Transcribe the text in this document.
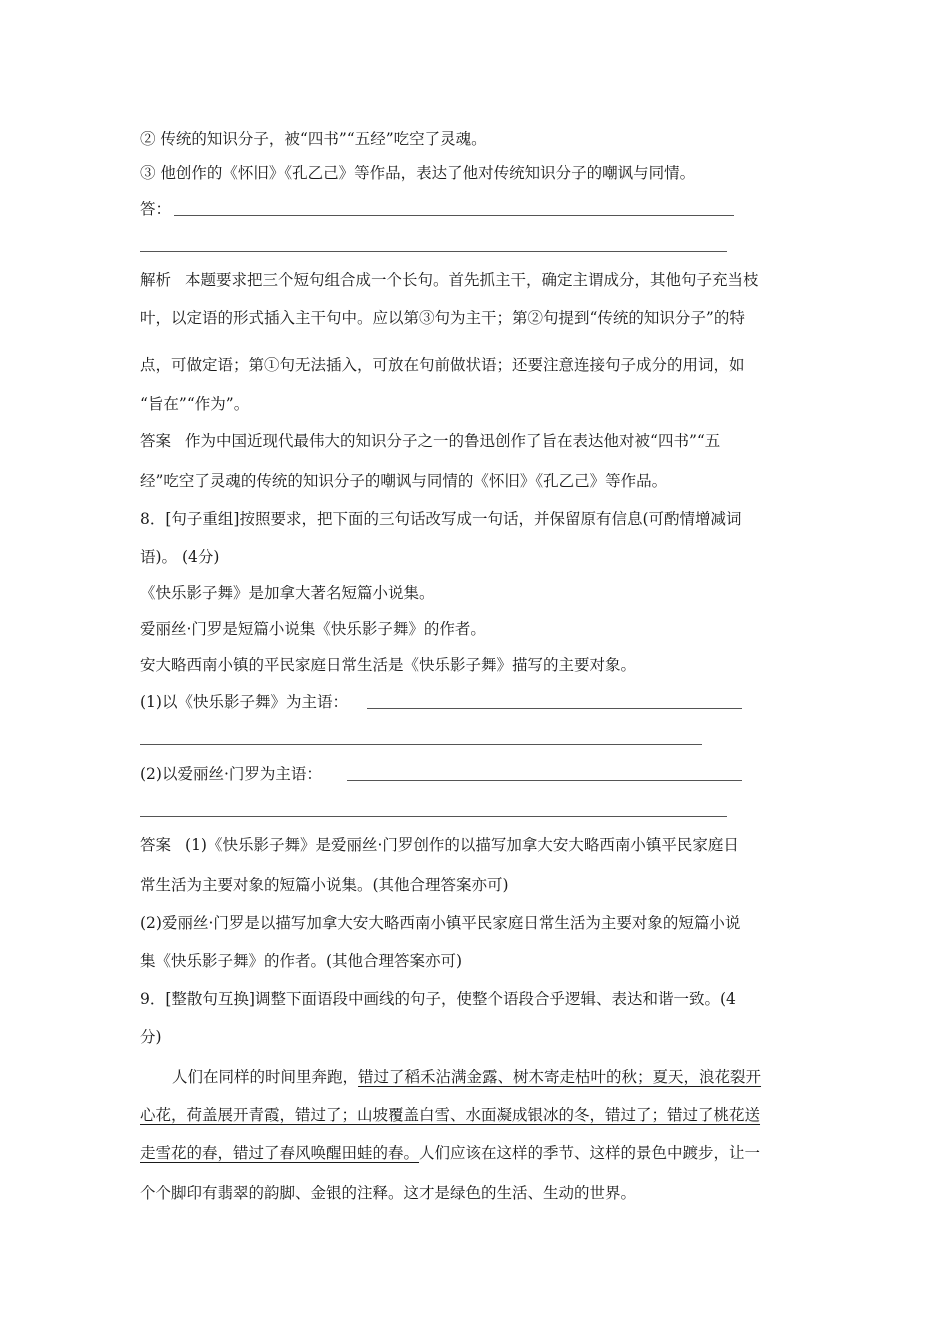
② 传统的知识分子，被“四书”“五经”吃空了灵魂。
③ 他创作的《怀旧》《孔乙己》等作品，表达了他对传统知识分子的嘲讽与同情。
答：
解析 本题要求把三个短句组合成一个长句。首先抓主干，确定主谓成分，其他句子充当枝
叶，以定语的形式插入主干句中。应以第③句为主干；第②句提到“传统的知识分子”的特
点，可做定语；第①句无法插入，可放在句前做状语；还要注意连接句子成分的用词，如
“旨在”“作为”。
答案 作为中国近现代最伟大的知识分子之一的鲁迅创作了旨在表达他对被“四书”“五
经”吃空了灵魂的传统的知识分子的嘲讽与同情的《怀旧》《孔乙己》等作品。
8．[句子重组]按照要求，把下面的三句话改写成一句话，并保留原有信息(可酌情增减词
语)。 (4分)
《快乐影子舞》是加拿大著名短篇小说集。
爱丽丝·门罗是短篇小说集《快乐影子舞》的作者。
安大略西南小镇的平民家庭日常生活是《快乐影子舞》描写的主要对象。
(1)以《快乐影子舞》为主语：
(2)以爱丽丝·门罗为主语：
答案 (1)《快乐影子舞》是爱丽丝·门罗创作的以描写加拿大安大略西南小镇平民家庭日
常生活为主要对象的短篇小说集。(其他合理答案亦可)
(2)爱丽丝·门罗是以描写加拿大安大略西南小镇平民家庭日常生活为主要对象的短篇小说
集《快乐影子舞》的作者。(其他合理答案亦可)
9．[整散句互换]调整下面语段中画线的句子，使整个语段合乎逻辑、表达和谐一致。(4
分)
人们在同样的时间里奔跑，错过了稻禾沾满金露、树木寄走枯叶的秋；夏天，浪花裂开
心花，荷盖展开青霞，错过了；山坡覆盖白雪、水面凝成银冰的冬，错过了；错过了桃花送
走雪花的春，错过了春风唤醒田蛙的春。人们应该在这样的季节、这样的景色中踱步，让一
个个脚印有翡翠的韵脚、金银的注释。这才是绿色的生活、生动的世界。
